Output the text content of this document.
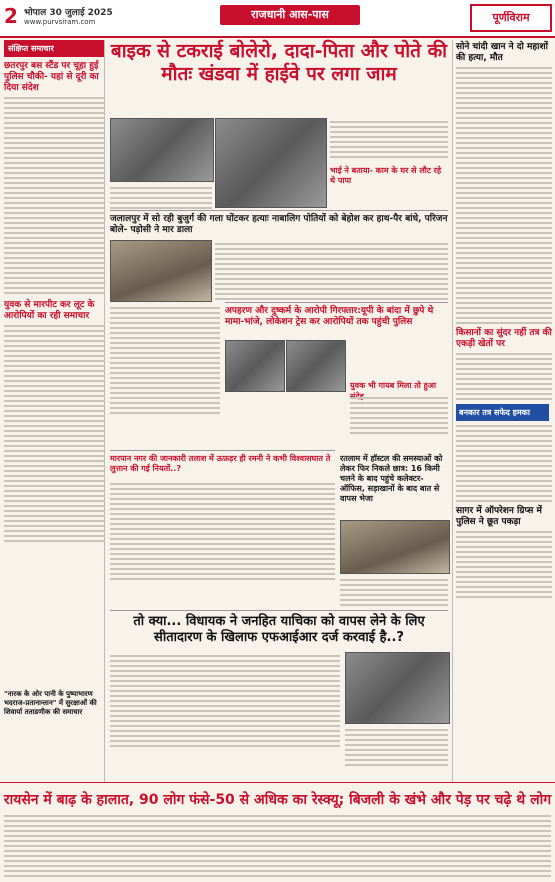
2 भोपाल 30 जुलाई 2025
www.purvsiram.com
राजधानी आस-पास	पूर्णविराम
संक्षिप्त समाचार
छतरपुर बस स्टैंड पर चूहा हुई पुलिस चौकी- यहां से दूरी का दिया संदेश
युवक से मारपीट कर लूट के आरोपियों का रही समाचार
बाइक से टकराई बोलेरो, दादा-पिता और पोते की मौतः खंडवा में हाईवे पर लगा जाम
भाई ने बताया- काम के घर से लौट रहे थे पापा
जलालपुर में सो रही बुजुर्ग की गला घोंटकर हत्याः नाबालिग पोतियों को बेहोश कर हाथ-पैर बांधे, परिजन बोले- पड़ोसी ने मार डाला
अपहरण और दुष्कर्म के आरोपी गिरफ्तार:यूपी के बांदा में छुपे थे मामा-भांजे, लोकेशन ट्रेस कर आरोपियों तक पहुंची पुलिस
युवक भी गायब मिला तो हुआ
मारपान नगर की जानकारी तलाश में ऊफ़ड़र ही रमनी ने कभी विश्वासघात ते लुत्तान की गई नियतों..?
रतलाम में हॉस्टल की समस्याओं को लेकर फिर निकले छात्र: 16 किमी चलने के बाद पहुंचे कलेक्टर-ऑफिस, सड़ाखानों के बाद बात से वापस भेजा
तो क्या... विधायक ने जनहित याचिका को वापस लेने के लिए सीतादारण के खिलाफ एफआईआर दर्ज करवाई है..?
सोने चांदी खान ने दो महाशों की हत्या, मौत
किसानों का सुंदर नहीं तत्र की एकड़ी खेतों पर
बनकार तत्र सफेद हमका
सागर में ऑपरेशन ग्रिप्स में पुलिस ने छूत पकड़ा
"नारक के ओर पानी के पुष्पाभारण भदराज-प्रतानान्तान" में सुरक्षाओं की शिवार्या तताडणीक की समाचार
रायसेन में बाढ़ के हालात, 90 लोग फंसे-50 से अधिक का रेस्क्यू; बिजली के खंभे और पेड़ पर चढ़े थे लोग
